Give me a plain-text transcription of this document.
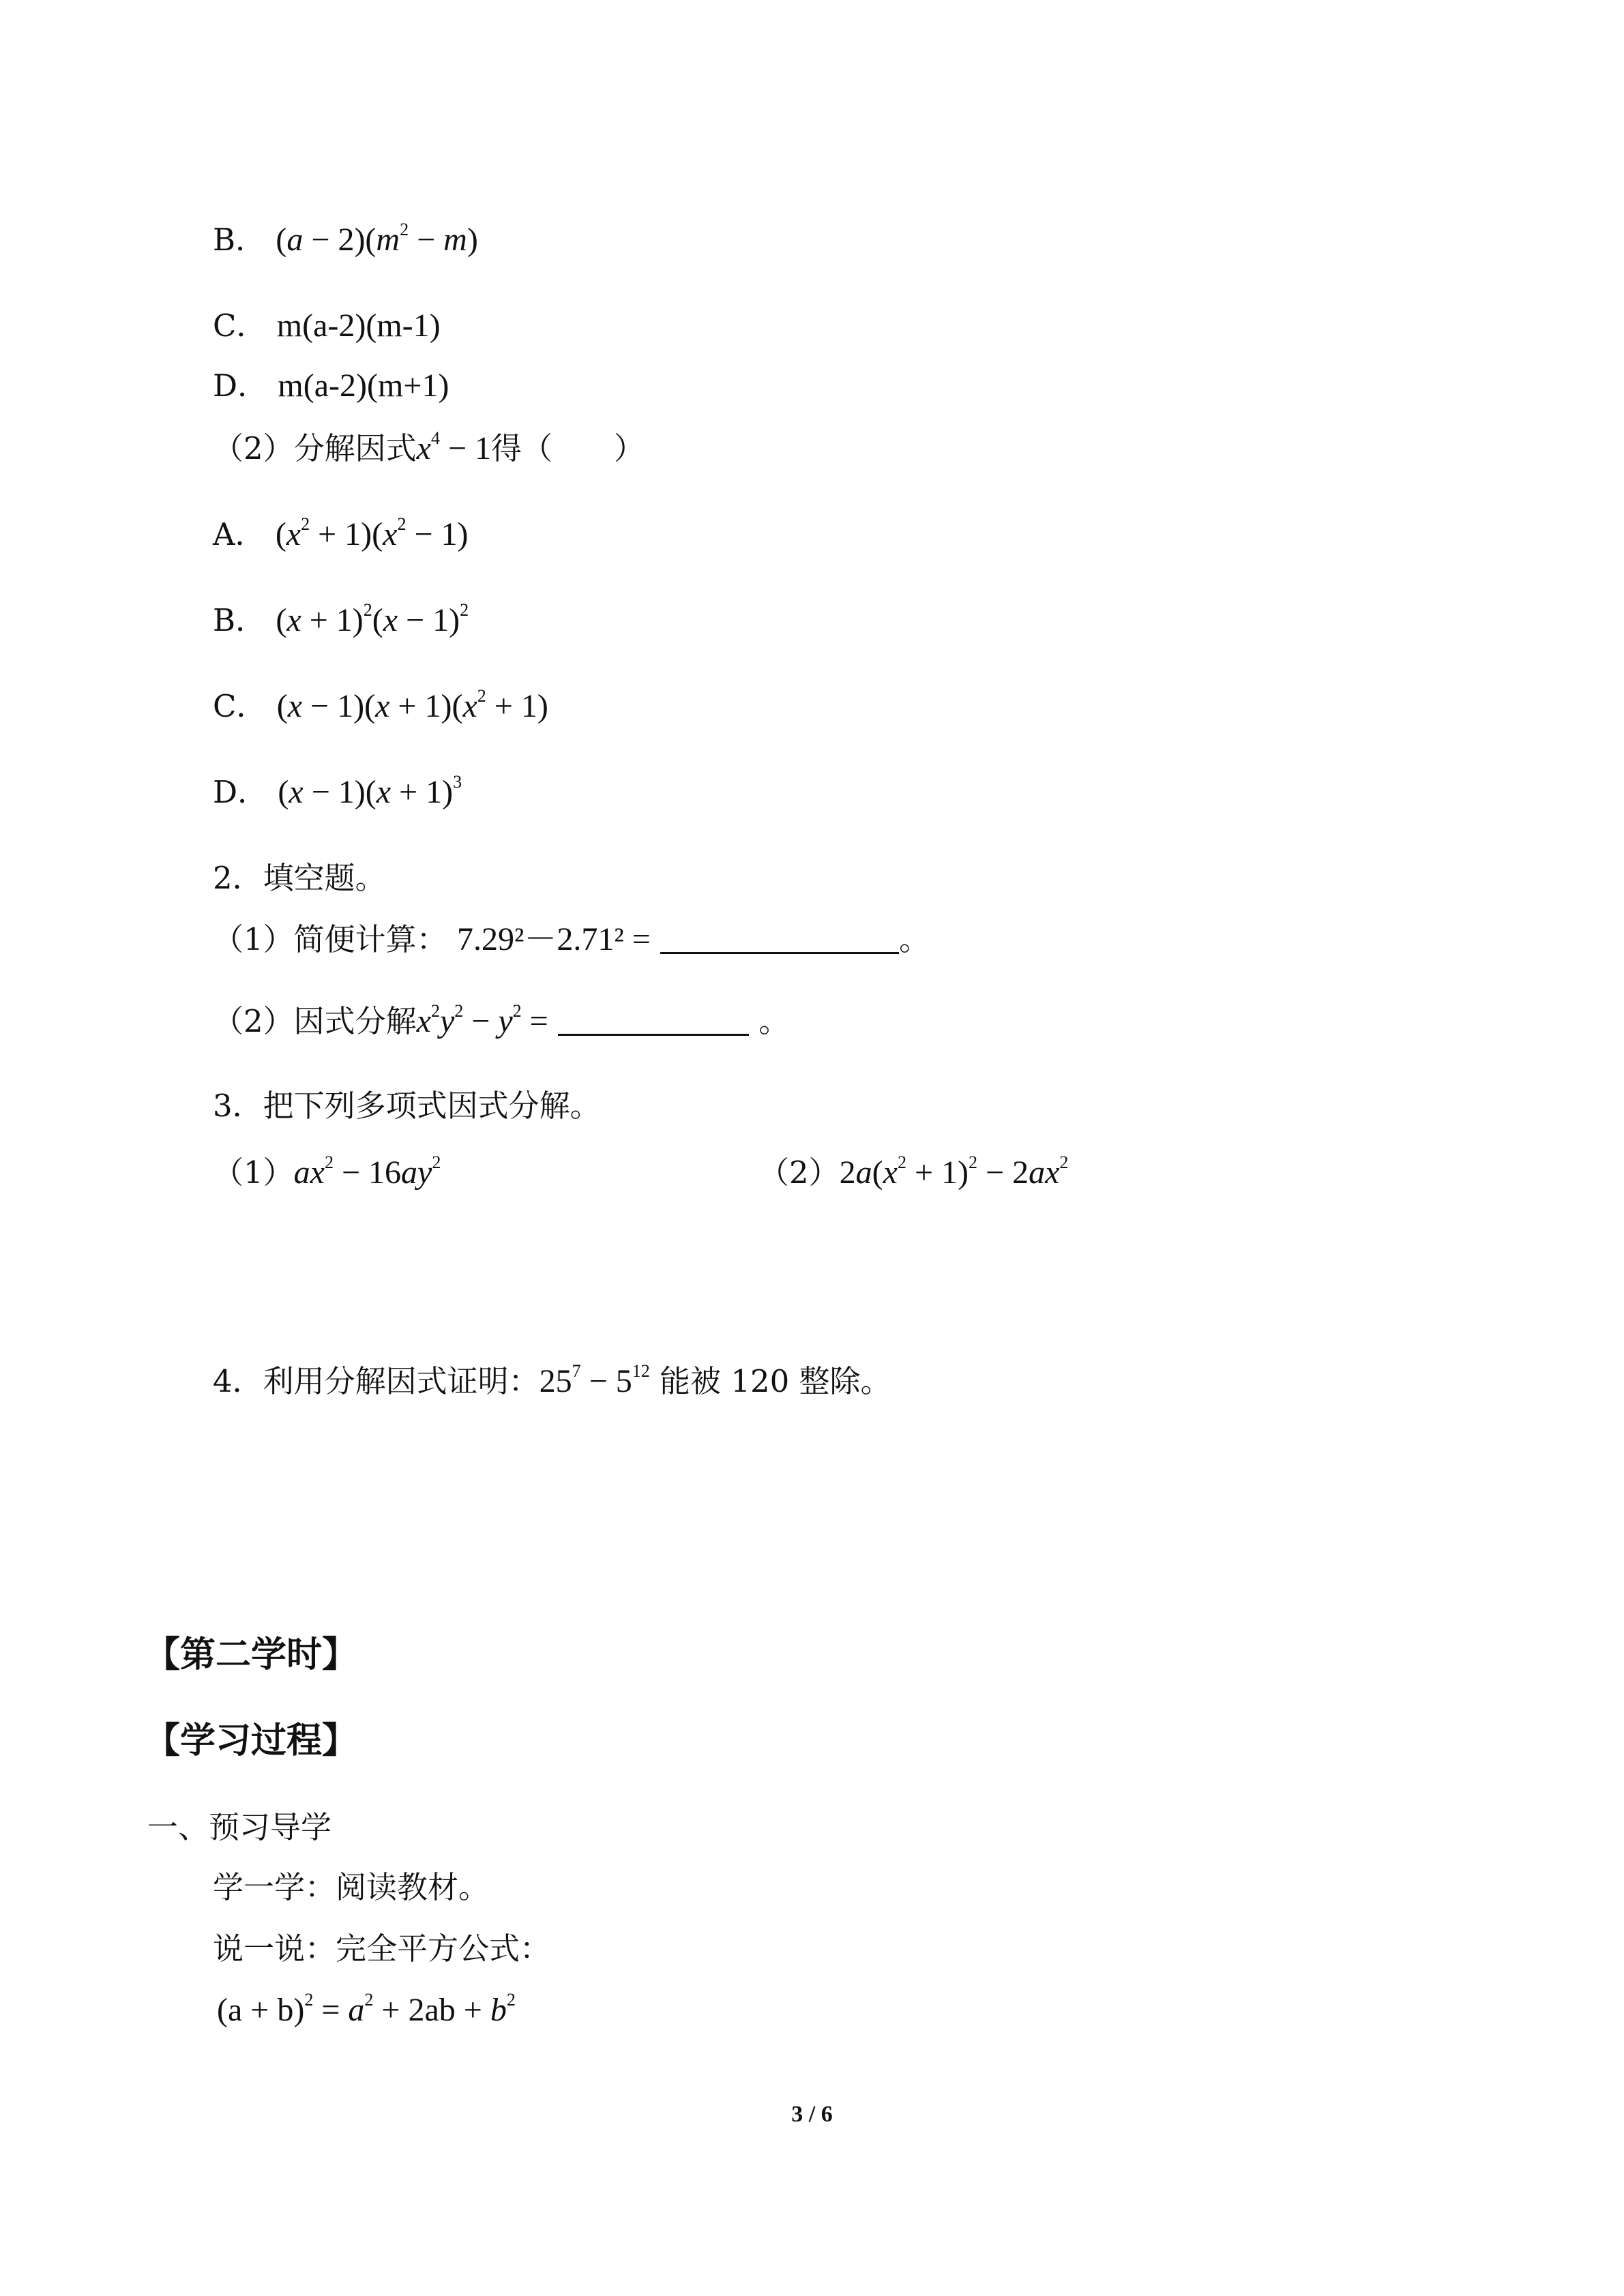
B． $(a - 2)(m^2 - m)$
C． m(a-2)(m-1)
D． m(a-2)(m+1)
（2）分解因式$x^4 - 1$得（　　）
A． $(x^2 + 1)(x^2 - 1)$
B． $(x + 1)^2(x - 1)^2$
C． $(x - 1)(x + 1)(x^2 + 1)$
D． $(x - 1)(x + 1)^3$
2．填空题。
（1）简便计算： 7.29²－2.71² =	。
（2）因式分解$x^2y^2 - y^2$ =	。
3．把下列多项式因式分解。
$(1)ax^2 - 16ay^2$	$(2)2a(x^2 + 1)^2 - 2ax^2$
4．利用分解因式证明：$25^7 - 5^{12}$ 能被 120 整除。
【第二学时】
【学习过程】
一、预习导学
学一学：阅读教材。
说一说：完全平方公式：
$(a + b)^2 = a^2 + 2ab + b^2$
3 / 6
